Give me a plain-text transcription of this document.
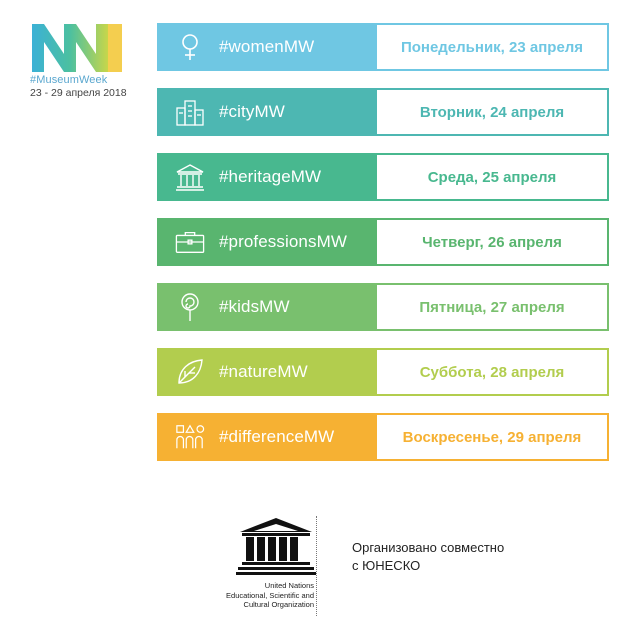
#MuseumWeek
23 - 29 апреля 2018
#womenMW	Понедельник, 23 апреля
#cityMW	Вторник, 24 апреля
#heritageMW	Среда, 25 апреля
#professionsMW	Четверг, 26 апреля
#kidsMW	Пятница, 27 апреля
#natureMW	Суббота, 28 апреля
#differenceMW	Воскресенье, 29 апреля
United Nations
Educational, Scientific and
Cultural Organization
Организовано совместно
с ЮНЕСКО
